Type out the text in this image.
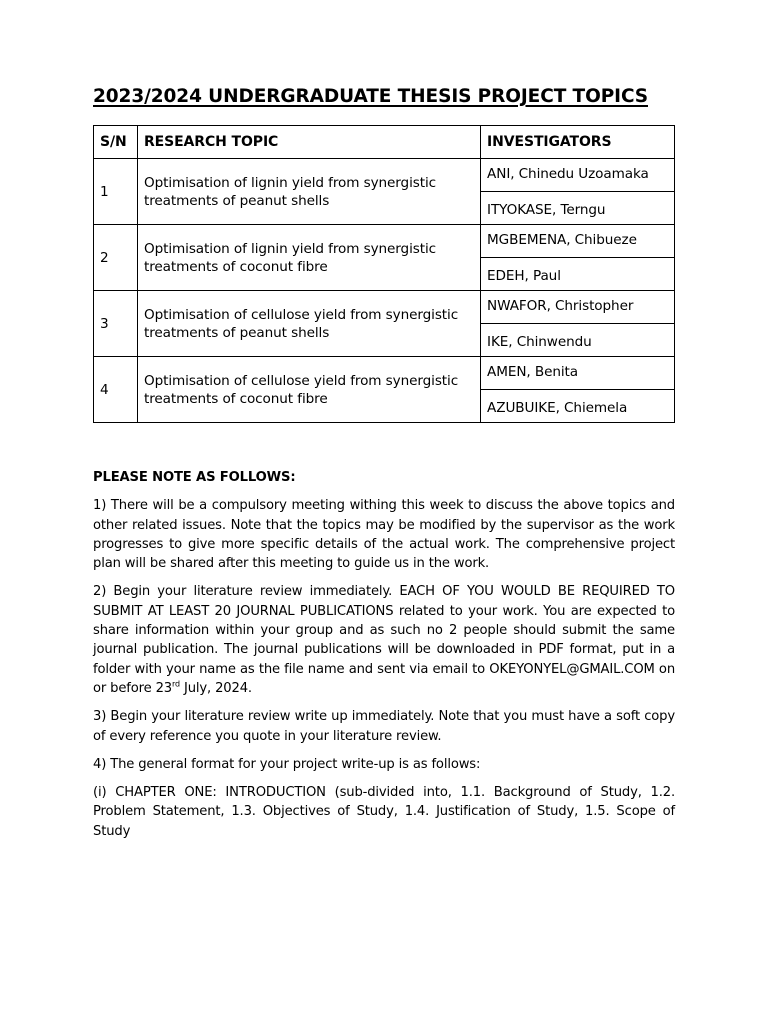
2023/2024 UNDERGRADUATE THESIS PROJECT TOPICS
S/N	RESEARCH TOPIC	INVESTIGATORS
1	Optimisation of lignin yield from synergistic treatments of peanut shells	ANI, Chinedu Uzoamaka
		ITYOKASE, Terngu
2	Optimisation of lignin yield from synergistic treatments of coconut fibre	MGBEMENA, Chibueze
		EDEH, Paul
3	Optimisation of cellulose yield from synergistic treatments of peanut shells	NWAFOR, Christopher
		IKE, Chinwendu
4	Optimisation of cellulose yield from synergistic treatments of coconut fibre	AMEN, Benita
		AZUBUIKE, Chiemela

PLEASE NOTE AS FOLLOWS:

1) There will be a compulsory meeting withing this week to discuss the above topics and other related issues. Note that the topics may be modified by the supervisor as the work progresses to give more specific details of the actual work. The comprehensive project plan will be shared after this meeting to guide us in the work.

2) Begin your literature review immediately. EACH OF YOU WOULD BE REQUIRED TO SUBMIT AT LEAST 20 JOURNAL PUBLICATIONS related to your work. You are expected to share information within your group and as such no 2 people should submit the same journal publication. The journal publications will be downloaded in PDF format, put in a folder with your name as the file name and sent via email to OKEYONYEL@GMAIL.COM on or before 23rd July, 2024.

3) Begin your literature review write up immediately. Note that you must have a soft copy of every reference you quote in your literature review.

4) The general format for your project write-up is as follows:

(i) CHAPTER ONE: INTRODUCTION (sub-divided into, 1.1. Background of Study, 1.2. Problem Statement, 1.3. Objectives of Study, 1.4. Justification of Study, 1.5. Scope of Study
